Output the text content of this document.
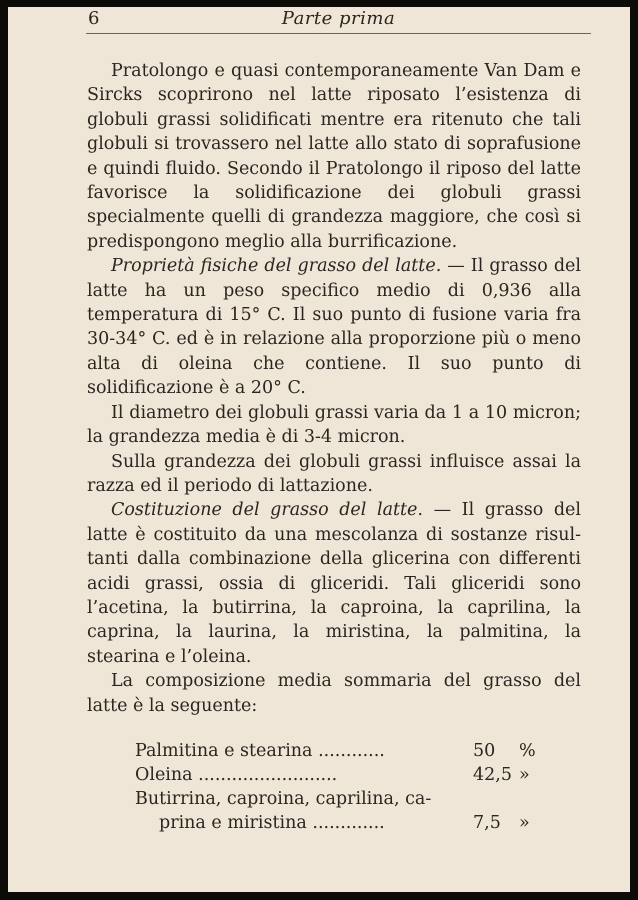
6	Parte prima

Pratolongo e quasi contemporaneamente Van Dam e Sircks scoprirono nel latte riposato l’esistenza di globuli grassi solidificati mentre era ritenuto che tali globuli si trovassero nel latte allo stato di soprafusione e quindi fluido. Secondo il Pratolongo il riposo del latte favorisce la solidificazione dei globuli grassi specialmente quelli di grandezza maggiore, che così si predispongono meglio alla burrificazione.

Proprietà fisiche del grasso del latte. — Il grasso del latte ha un peso specifico medio di 0,936 alla temperatura di 15° C. Il suo punto di fusione varia fra 30-34° C. ed è in relazione alla proporzione più o meno alta di oleina che contiene. Il suo punto di solidificazione è a 20° C.

Il diametro dei globuli grassi varia da 1 a 10 micron; la grandezza media è di 3-4 micron.

Sulla grandezza dei globuli grassi influisce assai la razza ed il periodo di lattazione.

Costituzione del grasso del latte. — Il grasso del latte è costituito da una mescolanza di sostanze risultanti dalla combinazione della glicerina con differenti acidi grassi, ossia di gliceridi. Tali gliceridi sono l’acetina, la butirrina, la caproina, la caprilina, la caprina, la laurina, la miristina, la palmitina, la stearina e l’oleina.

La composizione media sommaria del grasso del latte è la seguente:

Palmitina e stearina ............	50 %
Oleina .........................	42,5 »
Butirrina, caproina, caprilina, ca-
prina e miristina .............	7,5 »
